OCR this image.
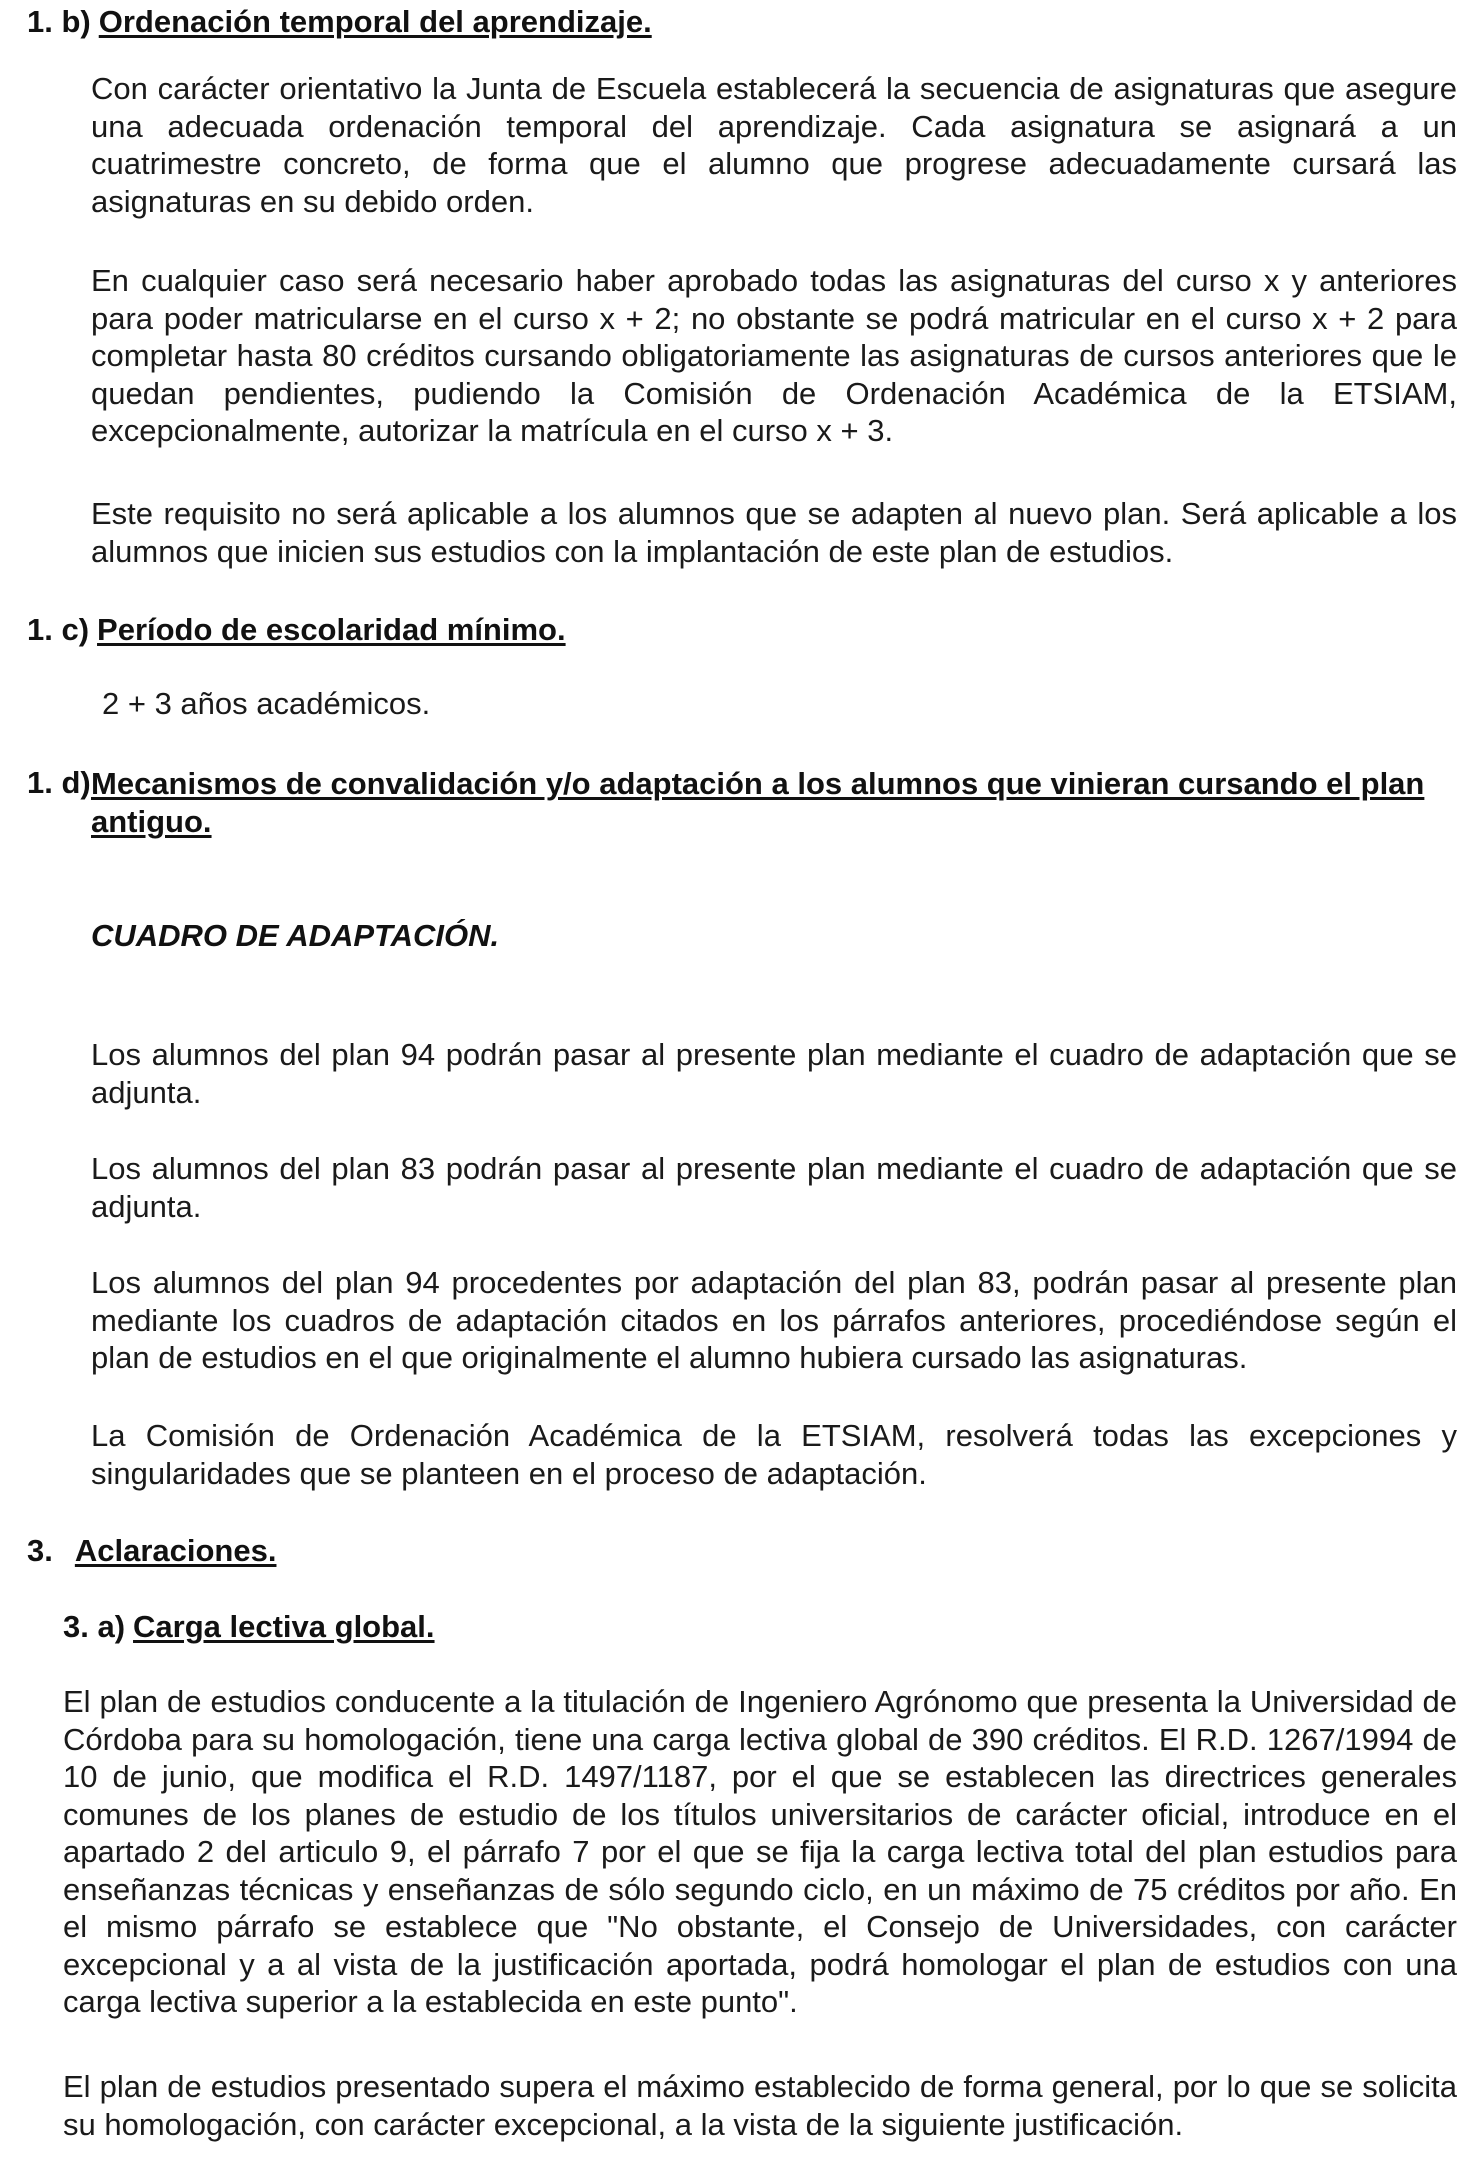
1. b) Ordenación temporal del aprendizaje.

Con carácter orientativo la Junta de Escuela establecerá la secuencia de asignaturas que asegure una adecuada ordenación temporal del aprendizaje. Cada asignatura se asignará a un cuatrimestre concreto, de forma que el alumno que progrese adecuadamente cursará las asignaturas en su debido orden.

En cualquier caso será necesario haber aprobado todas las asignaturas del curso x y anteriores para poder matricularse en el curso x + 2; no obstante se podrá matricular en el curso x + 2 para completar hasta 80 créditos cursando obligatoriamente las asignaturas de cursos anteriores que le quedan pendientes, pudiendo la Comisión de Ordenación Académica de la ETSIAM, excepcionalmente, autorizar la matrícula en el curso x + 3.

Este requisito no será aplicable a los alumnos que se adapten al nuevo plan. Será aplicable a los alumnos que inicien sus estudios con la implantación de este plan de estudios.

1. c) Período de escolaridad mínimo.

2 + 3 años académicos.

1. d) Mecanismos de convalidación y/o adaptación a los alumnos que vinieran cursando el plan antiguo.
CUADRO DE ADAPTACIÓN.

Los alumnos del plan 94 podrán pasar al presente plan mediante el cuadro de adaptación que se adjunta.

Los alumnos del plan 83 podrán pasar al presente plan mediante el cuadro de adaptación que se adjunta.

Los alumnos del plan 94 procedentes por adaptación del plan 83, podrán pasar al presente plan mediante los cuadros de adaptación citados en los párrafos anteriores, procediéndose según el plan de estudios en el que originalmente el alumno hubiera cursado las asignaturas.

La Comisión de Ordenación Académica de la ETSIAM, resolverá todas las excepciones y singularidades que se planteen en el proceso de adaptación.

3. Aclaraciones.
3. a) Carga lectiva global.

El plan de estudios conducente a la titulación de Ingeniero Agrónomo que presenta la Universidad de Córdoba para su homologación, tiene una carga lectiva global de 390 créditos. El R.D. 1267/1994 de 10 de junio, que modifica el R.D. 1497/1187, por el que se establecen las directrices generales comunes de los planes de estudio de los títulos universitarios de carácter oficial, introduce en el apartado 2 del articulo 9, el párrafo 7 por el que se fija la carga lectiva total del plan estudios para enseñanzas técnicas y enseñanzas de sólo segundo ciclo, en un máximo de 75 créditos por año. En el mismo párrafo se establece que "No obstante, el Consejo de Universidades, con carácter excepcional y a al vista de la justificación aportada, podrá homologar el plan de estudios con una carga lectiva superior a la establecida en este punto".

El plan de estudios presentado supera el máximo establecido de forma general, por lo que se solicita su homologación, con carácter excepcional, a la vista de la siguiente justificación.
